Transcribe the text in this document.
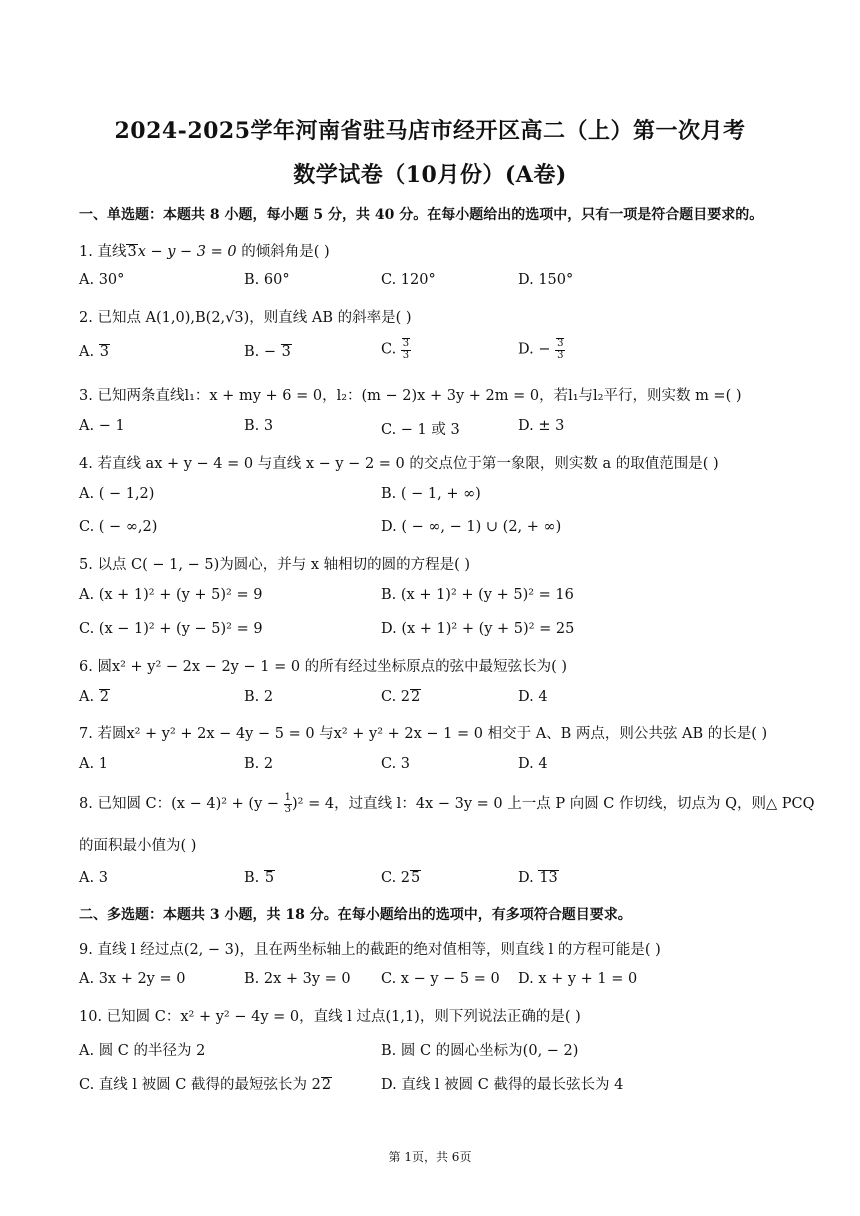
2024-2025学年河南省驻马店市经开区高二（上）第一次月考
数学试卷（10月份）(A卷)
一、单选题：本题共 8 小题，每小题 5 分，共 40 分。在每小题给出的选项中，只有一项是符合题目要求的。
1. 直线3x − y − 3 = 0 的倾斜角是( )
A. 30°	B. 60°	C. 120°	D. 150°
2. 已知点 A(1,0),B(2,√3)，则直线 AB 的斜率是( )
A. 3	B. − 3	C. $\frac{3}{3}$	D. − $\frac{3}{3}$
3. 已知两条直线l₁：x + my + 6 = 0，l₂：(m − 2)x + 3y + 2m = 0，若l₁与l₂平行，则实数 m =( )
A. − 1	B. 3	C. − 1 或 3	D. ± 3
4. 若直线 ax + y − 4 = 0 与直线 x − y − 2 = 0 的交点位于第一象限，则实数 a 的取值范围是( )
A. ( − 1,2)	B. ( − 1, + ∞)
C. ( − ∞,2)	D. ( − ∞, − 1) ∪ (2, + ∞)
5. 以点 C( − 1, − 5)为圆心，并与 x 轴相切的圆的方程是( )
A. (x + 1)² + (y + 5)² = 9	B. (x + 1)² + (y + 5)² = 16
C. (x − 1)² + (y − 5)² = 9	D. (x + 1)² + (y + 5)² = 25
6. 圆x² + y² − 2x − 2y − 1 = 0 的所有经过坐标原点的弦中最短弦长为( )
A. 2	B. 2	C. 22	D. 4
7. 若圆x² + y² + 2x − 4y − 5 = 0 与x² + y² + 2x − 1 = 0 相交于 A、B 两点，则公共弦 AB 的长是( )
A. 1	B. 2	C. 3	D. 4
8. 已知圆 C：$(x - 4)^2 + (y - \frac{1}{3} )^2 = 4$，过直线 l：4x − 3y = 0 上一点 P 向圆 C 作切线，切点为 Q，则△ PCQ
的面积最小值为( )
A. 3	B. 5	C. 25	D. 13
二、多选题：本题共 3 小题，共 18 分。在每小题给出的选项中，有多项符合题目要求。
9. 直线 l 经过点(2, − 3)，且在两坐标轴上的截距的绝对值相等，则直线 l 的方程可能是( )
A. 3x + 2y = 0	B. 2x + 3y = 0 C. x − y − 5 = 0 D. x + y + 1 = 0
10. 已知圆 C：x² + y² − 4y = 0，直线 l 过点(1,1)，则下列说法正确的是( )
A. 圆 C 的半径为 2	B. 圆 C 的圆心坐标为(0, − 2)
C. 直线 l 被圆 C 截得的最短弦长为 22	D. 直线 l 被圆 C 截得的最长弦长为 4
第 1页，共 6页
